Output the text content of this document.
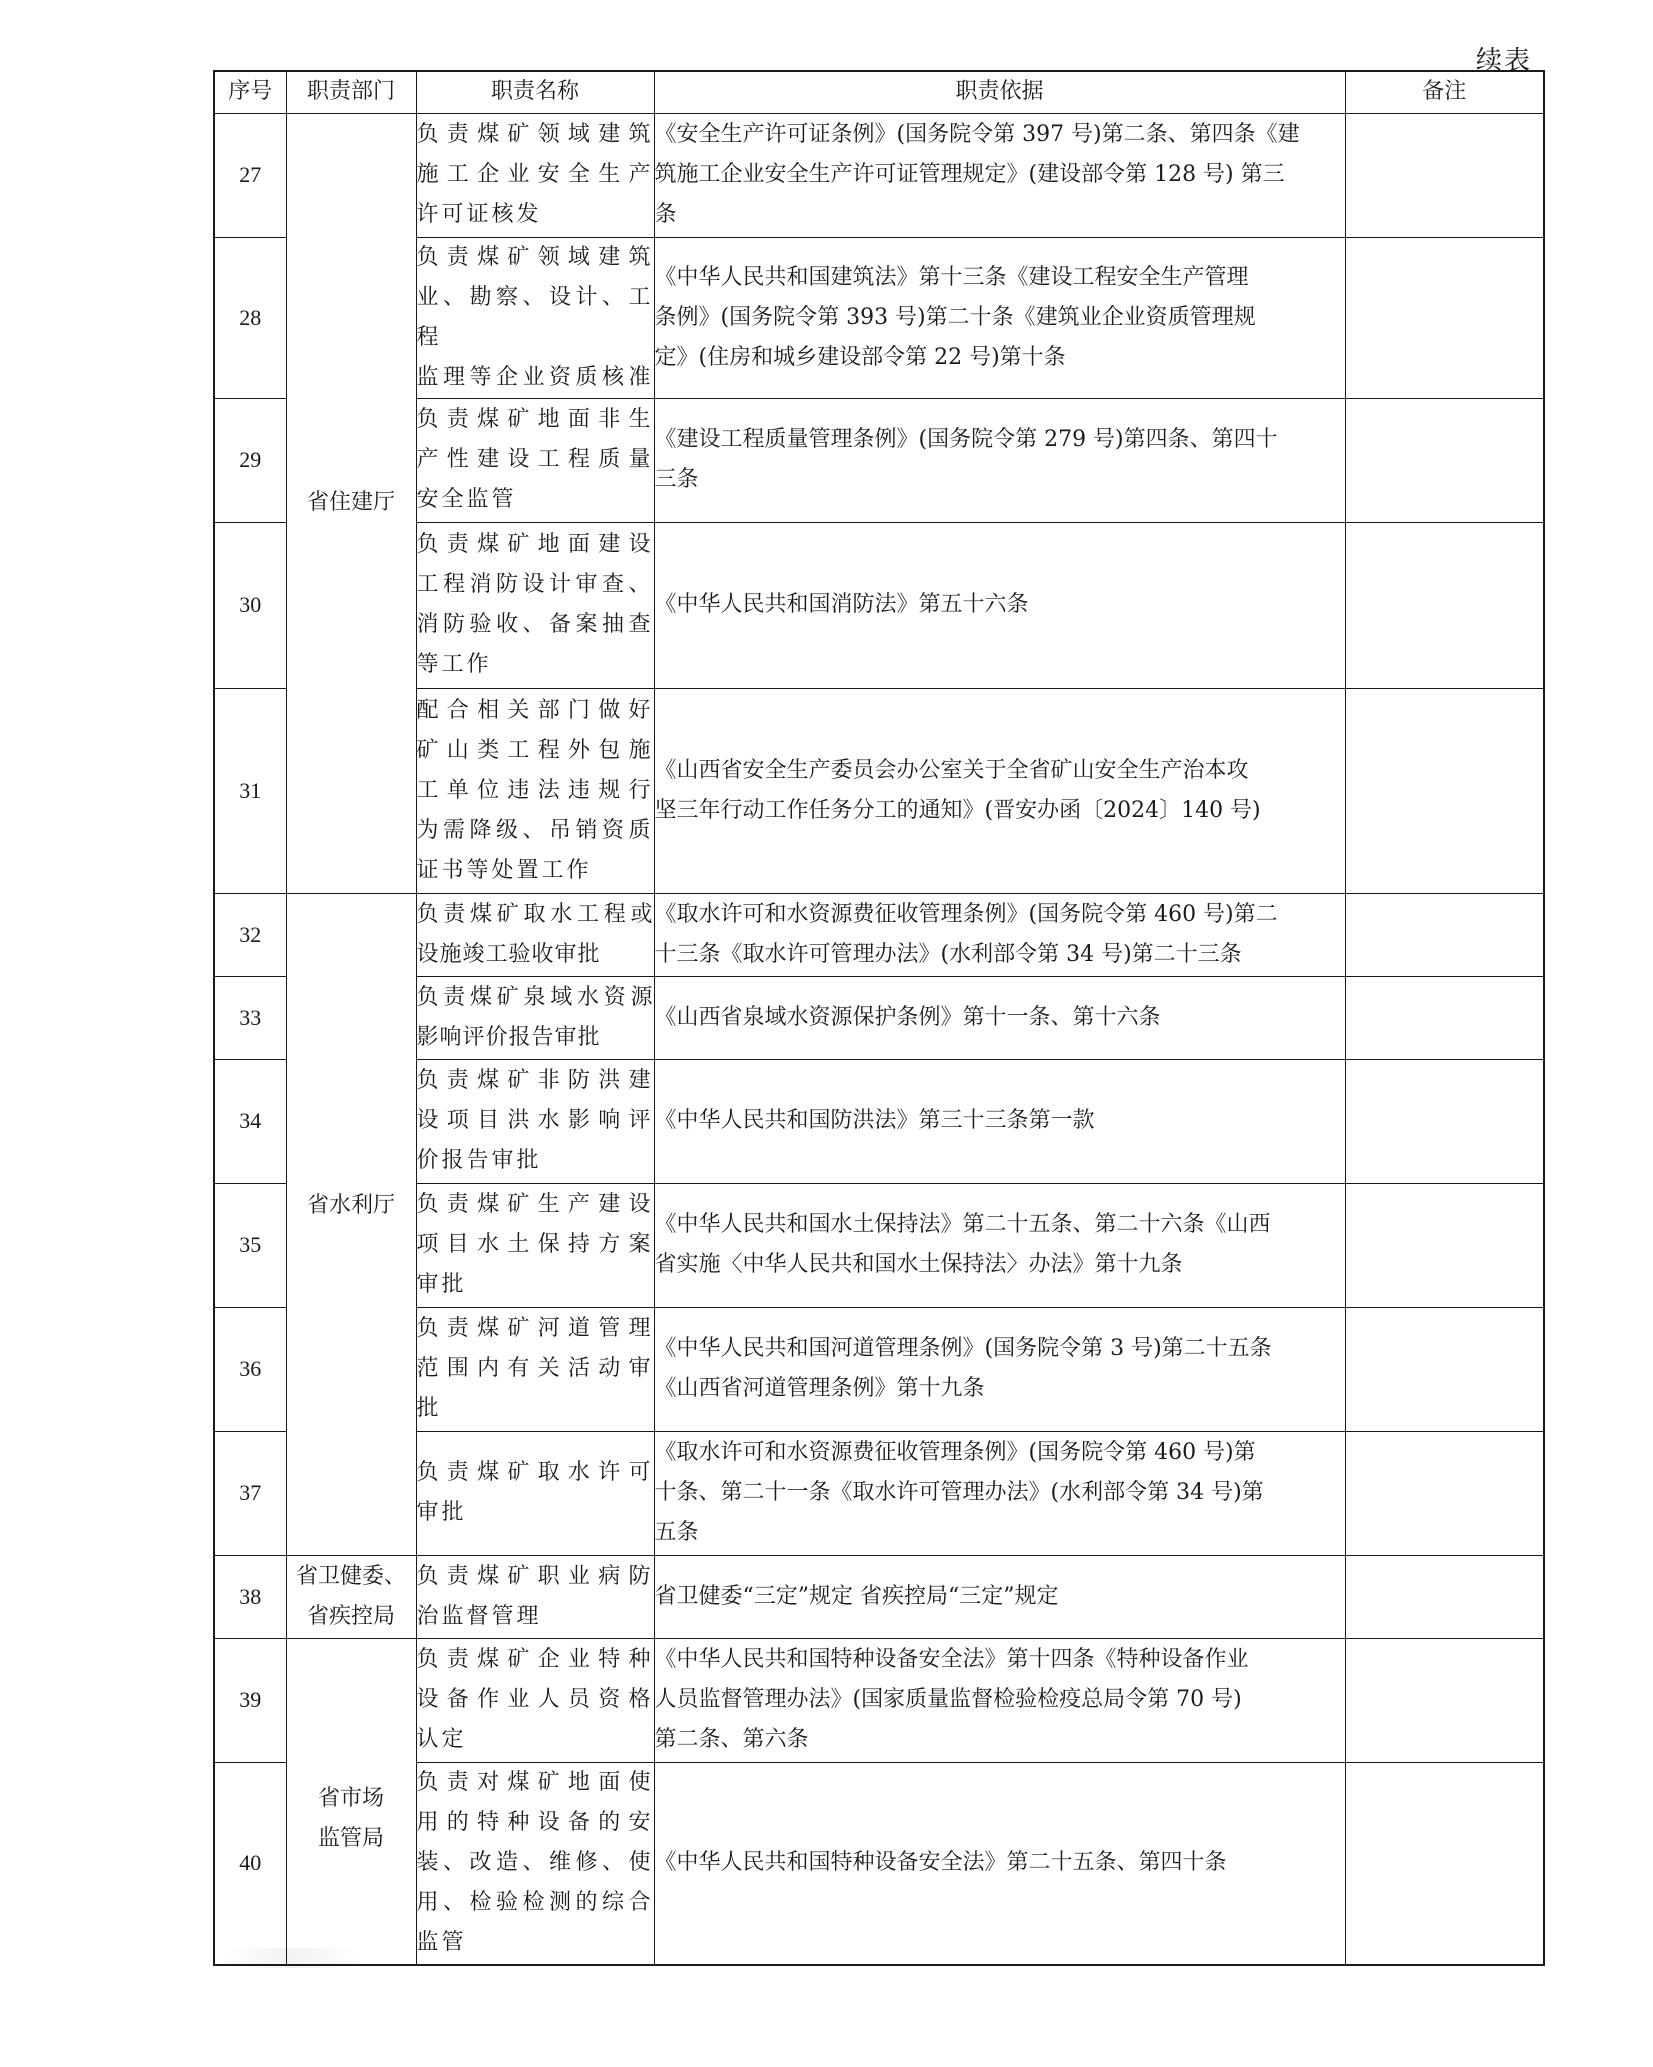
续表
序号	职责部门	职责名称	职责依据	备注
27	省住建厅	负责煤矿领域建筑
施工企业安全生产
许可证核发	《安全生产许可证条例》(国务院令第 397 号)第二条、第四条《建
筑施工企业安全生产许可证管理规定》(建设部令第 128 号) 第三
条	

28		负责煤矿领域建筑
业、勘察、设计、工程
监理等企业资质核准	《中华人民共和国建筑法》第十三条《建设工程安全生产管理
条例》(国务院令第 393 号)第二十条《建筑业企业资质管理规
定》(住房和城乡建设部令第 22 号)第十条	

29		负责煤矿地面非生
产性建设工程质量
安全监管	《建设工程质量管理条例》(国务院令第 279 号)第四条、第四十
三条	

30		负责煤矿地面建设
工程消防设计审查、
消防验收、备案抽查
等工作	《中华人民共和国消防法》第五十六条	

31		配合相关部门做好
矿山类工程外包施
工单位违法违规行
为需降级、吊销资质
证书等处置工作	《山西省安全生产委员会办公室关于全省矿山安全生产治本攻
坚三年行动工作任务分工的通知》(晋安办函〔2024〕140 号)	

32	省水利厅	负责煤矿取水工程或
设施竣工验收审批	《取水许可和水资源费征收管理条例》(国务院令第 460 号)第二
十三条《取水许可管理办法》(水利部令第 34 号)第二十三条	

33		负责煤矿泉域水资源
影响评价报告审批	《山西省泉域水资源保护条例》第十一条、第十六条	

34		负责煤矿非防洪建
设项目洪水影响评
价报告审批	《中华人民共和国防洪法》第三十三条第一款	

35		负责煤矿生产建设
项目水土保持方案
审批	《中华人民共和国水土保持法》第二十五条、第二十六条《山西
省实施〈中华人民共和国水土保持法〉办法》第十九条	

36		负责煤矿河道管理
范围内有关活动审
批	《中华人民共和国河道管理条例》(国务院令第 3 号)第二十五条
《山西省河道管理条例》第十九条	

37		负责煤矿取水许可
审批	《取水许可和水资源费征收管理条例》(国务院令第 460 号)第
十条、第二十一条《取水许可管理办法》(水利部令第 34 号)第
五条	

38	省卫健委、
省疾控局	负责煤矿职业病防
治监督管理	省卫健委“三定”规定 省疾控局“三定”规定	

39	省市场
监管局	负责煤矿企业特种
设备作业人员资格
认定	《中华人民共和国特种设备安全法》第十四条《特种设备作业
人员监督管理办法》(国家质量监督检验检疫总局令第 70 号)
第二条、第六条	

40		负责对煤矿地面使
用的特种设备的安
装、改造、维修、使
用、检验检测的综合
监管	《中华人民共和国特种设备安全法》第二十五条、第四十条	
